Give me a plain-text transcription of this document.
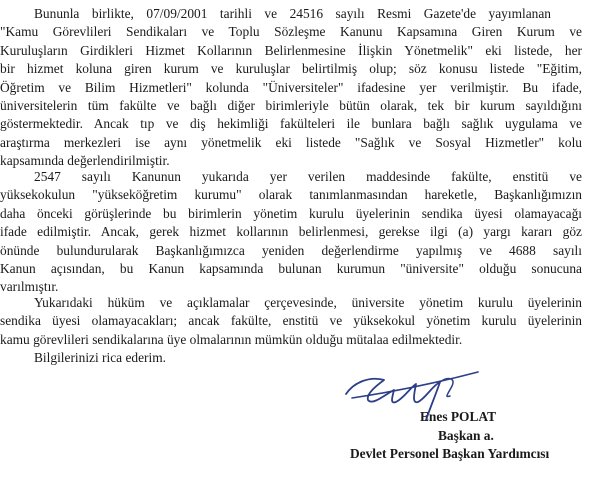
Bununla birlikte, 07/09/2001 tarihli ve 24516 sayılı Resmi Gazete'de yayımlanan
"Kamu Görevlileri Sendikaları ve Toplu Sözleşme Kanunu Kapsamına Giren Kurum ve
Kuruluşların Girdikleri Hizmet Kollarının Belirlenmesine İlişkin Yönetmelik" eki listede, her
bir hizmet koluna giren kurum ve kuruluşlar belirtilmiş olup; söz konusu listede "Eğitim,
Öğretim ve Bilim Hizmetleri" kolunda "Üniversiteler" ifadesine yer verilmiştir. Bu ifade,
üniversitelerin tüm fakülte ve bağlı diğer birimleriyle bütün olarak, tek bir kurum sayıldığını
göstermektedir. Ancak tıp ve diş hekimliği fakülteleri ile bunlara bağlı sağlık uygulama ve
araştırma merkezleri ise aynı yönetmelik eki listede "Sağlık ve Sosyal Hizmetler" kolu
kapsamında değerlendirilmiştir.
2547 sayılı Kanunun yukarıda yer verilen maddesinde fakülte, enstitü ve
yüksekokulun "yükseköğretim kurumu" olarak tanımlanmasından hareketle, Başkanlığımızın
daha önceki görüşlerinde bu birimlerin yönetim kurulu üyelerinin sendika üyesi olamayacağı
ifade edilmiştir. Ancak, gerek hizmet kollarının belirlenmesi, gerekse ilgi (a) yargı kararı göz
önünde bulundurularak Başkanlığımızca yeniden değerlendirme yapılmış ve 4688 sayılı
Kanun açısından, bu Kanun kapsamında bulunan kurumun "üniversite" olduğu sonucuna
varılmıştır.
Yukarıdaki hüküm ve açıklamalar çerçevesinde, üniversite yönetim kurulu üyelerinin
sendika üyesi olamayacakları; ancak fakülte, enstitü ve yüksekokul yönetim kurulu üyelerinin
kamu görevlileri sendikalarına üye olmalarının mümkün olduğu mütalaa edilmektedir.
Bilgilerinizi rica ederim.
Enes POLAT
Başkan a.
Devlet Personel Başkan Yardımcısı
